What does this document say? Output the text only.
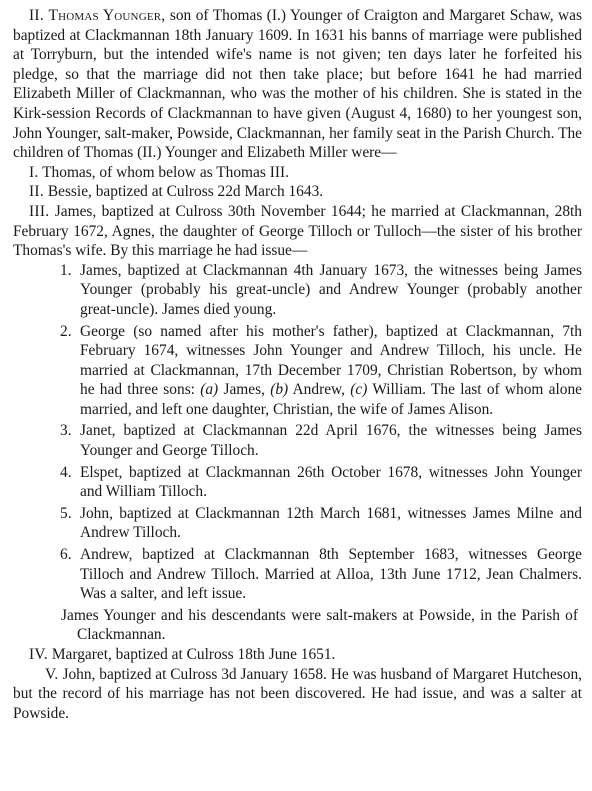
II. Thomas Younger, son of Thomas (I.) Younger of Craigton and Margaret Schaw, was baptized at Clackmannan 18th January 1609. In 1631 his banns of marriage were published at Torryburn, but the intended wife's name is not given; ten days later he forfeited his pledge, so that the marriage did not then take place; but before 1641 he had married Elizabeth Miller of Clackmannan, who was the mother of his children. She is stated in the Kirk-session Records of Clackmannan to have given (August 4, 1680) to her youngest son, John Younger, salt-maker, Powside, Clackmannan, her family seat in the Parish Church. The children of Thomas (II.) Younger and Elizabeth Miller were—

I. Thomas, of whom below as Thomas III.

II. Bessie, baptized at Culross 22d March 1643.

III. James, baptized at Culross 30th November 1644; he married at Clackmannan, 28th February 1672, Agnes, the daughter of George Tilloch or Tulloch—the sister of his brother Thomas's wife. By this marriage he had issue—

1. James, baptized at Clackmannan 4th January 1673, the witnesses being James Younger (probably his great-uncle) and Andrew Younger (probably another great-uncle). James died young.
2. George (so named after his mother's father), baptized at Clackmannan, 7th February 1674, witnesses John Younger and Andrew Tilloch, his uncle. He married at Clackmannan, 17th December 1709, Christian Robertson, by whom he had three sons: (a) James, (b) Andrew, (c) William. The last of whom alone married, and left one daughter, Christian, the wife of James Alison.
3. Janet, baptized at Clackmannan 22d April 1676, the witnesses being James Younger and George Tilloch.
4. Elspet, baptized at Clackmannan 26th October 1678, witnesses John Younger and William Tilloch.
5. John, baptized at Clackmannan 12th March 1681, witnesses James Milne and Andrew Tilloch.
6. Andrew, baptized at Clackmannan 8th September 1683, witnesses George Tilloch and Andrew Tilloch. Married at Alloa, 13th June 1712, Jean Chalmers. Was a salter, and left issue.

James Younger and his descendants were salt-makers at Powside, in the Parish of Clackmannan.

IV. Margaret, baptized at Culross 18th June 1651.

V. John, baptized at Culross 3d January 1658. He was husband of Margaret Hutcheson, but the record of his marriage has not been discovered. He had issue, and was a salter at Powside.
